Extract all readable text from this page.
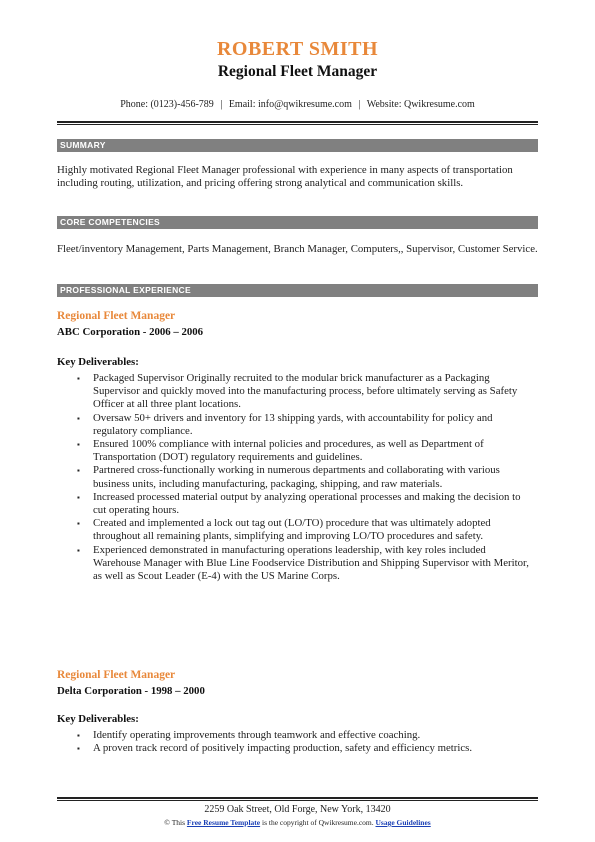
ROBERT SMITH
Regional Fleet Manager
Phone: (0123)-456-789 | Email: info@qwikresume.com | Website: Qwikresume.com
SUMMARY
Highly motivated Regional Fleet Manager professional with experience in many aspects of transportation including routing, utilization, and pricing offering strong analytical and communication skills.
CORE COMPETENCIES
Fleet/inventory Management, Parts Management, Branch Manager, Computers,, Supervisor, Customer Service.
PROFESSIONAL EXPERIENCE
Regional Fleet Manager
ABC Corporation - 2006 – 2006
Key Deliverables:
▪ Packaged Supervisor Originally recruited to the modular brick manufacturer as a Packaging Supervisor and quickly moved into the manufacturing process, before ultimately serving as Safety Officer at all three plant locations.
▪ Oversaw 50+ drivers and inventory for 13 shipping yards, with accountability for policy and regulatory compliance.
▪ Ensured 100% compliance with internal policies and procedures, as well as Department of Transportation (DOT) regulatory requirements and guidelines.
▪ Partnered cross-functionally working in numerous departments and collaborating with various business units, including manufacturing, packaging, shipping, and raw materials.
▪ Increased processed material output by analyzing operational processes and making the decision to cut operating hours.
▪ Created and implemented a lock out tag out (LO/TO) procedure that was ultimately adopted throughout all remaining plants, simplifying and improving LO/TO procedures and safety.
▪ Experienced demonstrated in manufacturing operations leadership, with key roles included Warehouse Manager with Blue Line Foodservice Distribution and Shipping Supervisor with Meritor, as well as Scout Leader (E-4) with the US Marine Corps.
Regional Fleet Manager
Delta Corporation - 1998 – 2000
Key Deliverables:
▪ Identify operating improvements through teamwork and effective coaching.
▪ A proven track record of positively impacting production, safety and efficiency metrics.
2259 Oak Street, Old Forge, New York, 13420
© This Free Resume Template is the copyright of Qwikresume.com. Usage Guidelines
